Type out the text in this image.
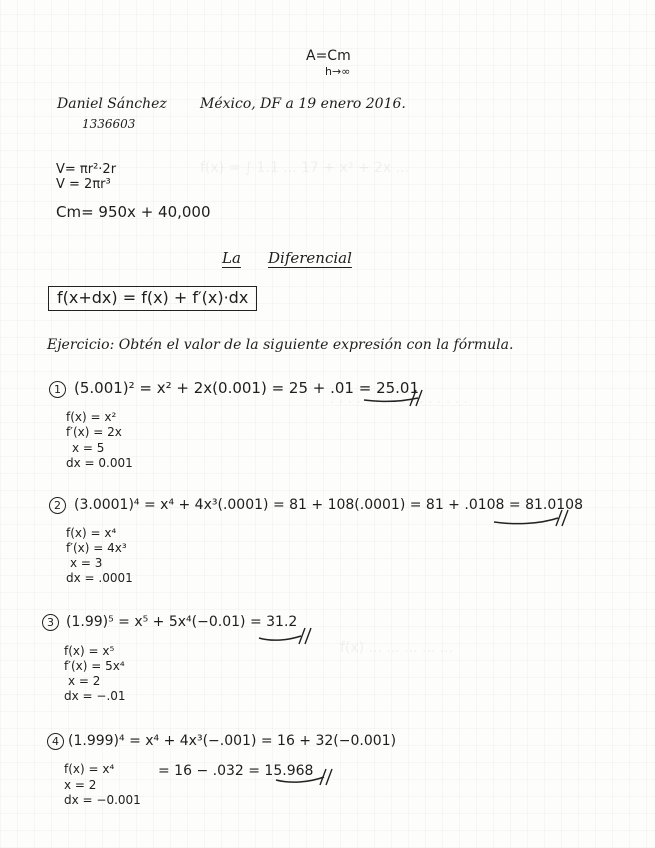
f(x) = ∫ 1.1 ... 17 + x³ + 2x ...
· · · · · · · · · · · · · · · ·
f(x) ... ... ... ... ...
A=Cm
h→∞
Daniel Sánchez
1336603
México, DF a 19 enero 2016.
V= πr²·2r
V = 2πr³
Cm= 950x + 40,000
La Diferencial
f(x+dx) = f(x) + f′(x)·dx
Ejercicio: Obtén el valor de la siguiente expresión con la fórmula.
1 (5.001)² = x² + 2x(0.001) = 25 + .01 = 25.01
f(x) = x²
f′(x) = 2x
x = 5
dx = 0.001
2 (3.0001)⁴ = x⁴ + 4x³(.0001) = 81 + 108(.0001) = 81 + .0108 = 81.0108
f(x) = x⁴
f′(x) = 4x³
x = 3
dx = .0001
3 (1.99)⁵ = x⁵ + 5x⁴(−0.01) = 31.2
f(x) = x⁵
f′(x) = 5x⁴
x = 2
dx = −.01
4 (1.999)⁴ = x⁴ + 4x³(−.001) = 16 + 32(−0.001)
= 16 − .032 = 15.968
f(x) = x⁴
x = 2
dx = −0.001
